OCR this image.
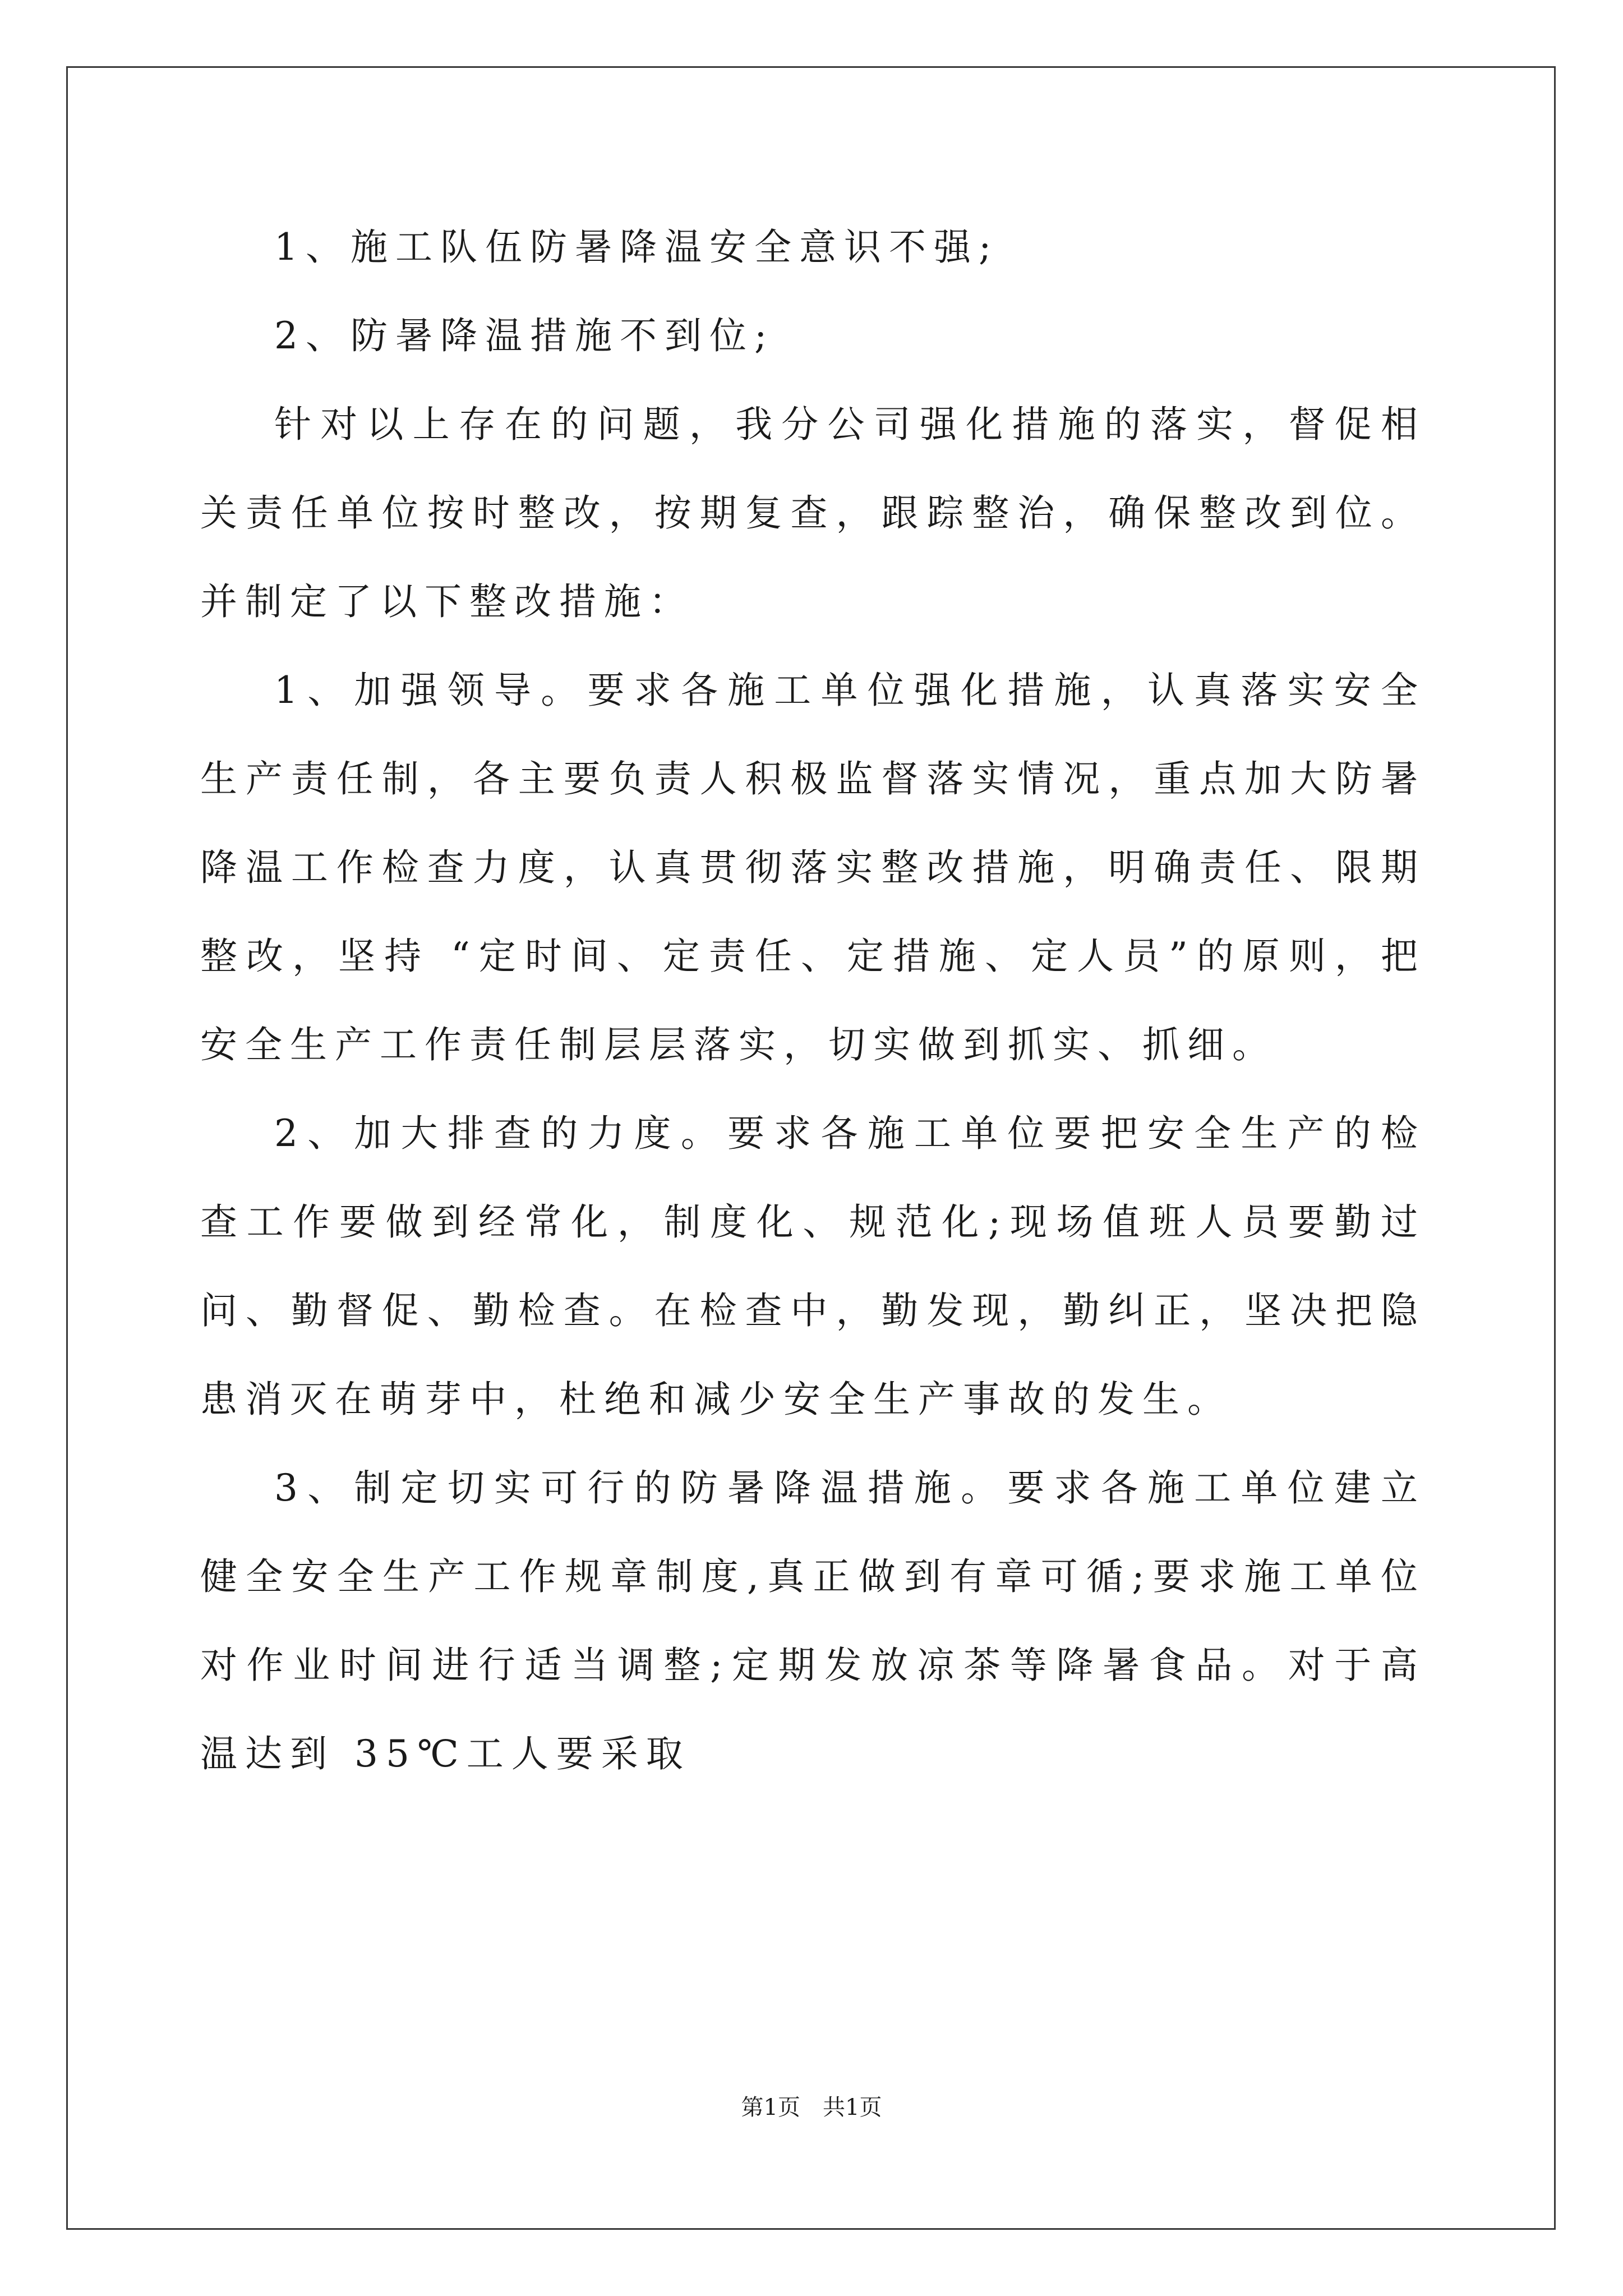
1、施工队伍防暑降温安全意识不强;

2、防暑降温措施不到位;

针对以上存在的问题，我分公司强化措施的落实，督促相关责任单位按时整改，按期复查，跟踪整治，确保整改到位。并制定了以下整改措施：

1、加强领导。要求各施工单位强化措施，认真落实安全生产责任制，各主要负责人积极监督落实情况，重点加大防暑降温工作检查力度，认真贯彻落实整改措施，明确责任、限期整改，坚持 “定时间、定责任、定措施、定人员”的原则，把安全生产工作责任制层层落实，切实做到抓实、抓细。

2、加大排查的力度。要求各施工单位要把安全生产的检查工作要做到经常化，制度化、规范化;现场值班人员要勤过问、勤督促、勤检查。在检查中，勤发现，勤纠正，坚决把隐患消灭在萌芽中，杜绝和减少安全生产事故的发生。

3、制定切实可行的防暑降温措施。要求各施工单位建立健全安全生产工作规章制度,真正做到有章可循;要求施工单位对作业时间进行适当调整;定期发放凉茶等降暑食品。对于高温达到 35℃工人要采取

第1页 共1页
